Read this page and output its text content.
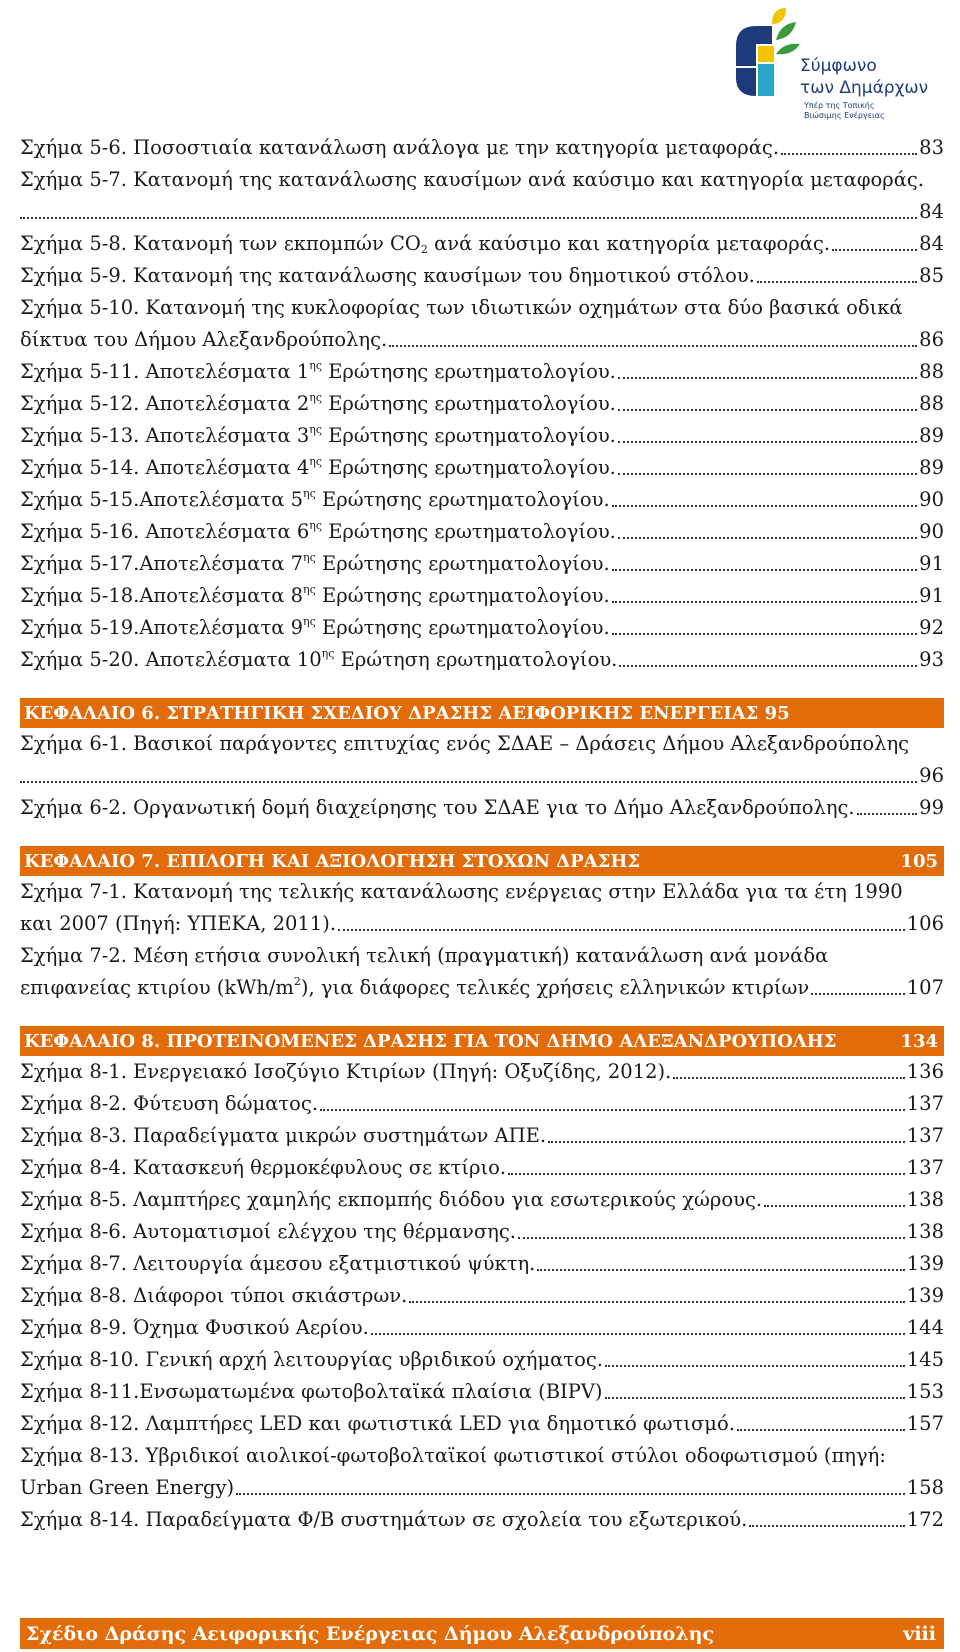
Σύμφωνο
των Δημάρχων
Υπέρ της Τοπικής Βιώσιμης Ενέργειας
Σχήμα 5-6. Ποσοστιαία κατανάλωση ανάλογα με την κατηγορία μεταφοράς.	83
Σχήμα 5-7. Κατανομή της κατανάλωσης καυσίμων ανά καύσιμο και κατηγορία μεταφοράς.
84
Σχήμα 5-8. Κατανομή των εκπομπών $CO_2$ ανά καύσιμο και κατηγορία μεταφοράς.	84
Σχήμα 5-9. Κατανομή της κατανάλωσης καυσίμων του δημοτικού στόλου.	85
Σχήμα 5-10. Κατανομή της κυκλοφορίας των ιδιωτικών οχημάτων στα δύο βασικά οδικά
δίκτυα του Δήμου Αλεξανδρούπολης.	86
Σχήμα 5-11. Αποτελέσματα $1^{\eta\varsigma}$ Ερώτησης ερωτηματολογίου.	88
Σχήμα 5-12. Αποτελέσματα $2^{\eta\varsigma}$ Ερώτησης ερωτηματολογίου.	88
Σχήμα 5-13. Αποτελέσματα $3^{\eta\varsigma}$ Ερώτησης ερωτηματολογίου.	89
Σχήμα 5-14. Αποτελέσματα $4^{\eta\varsigma}$ Ερώτησης ερωτηματολογίου.	89
Σχήμα 5-15.Αποτελέσματα $5^{\eta\varsigma}$ Ερώτησης ερωτηματολογίου.	90
Σχήμα 5-16. Αποτελέσματα $6^{\eta\varsigma}$ Ερώτησης ερωτηματολογίου.	90
Σχήμα 5-17.Αποτελέσματα $7^{\eta\varsigma}$ Ερώτησης ερωτηματολογίου.	91
Σχήμα 5-18.Αποτελέσματα $8^{\eta\varsigma}$ Ερώτησης ερωτηματολογίου.	91
Σχήμα 5-19.Αποτελέσματα $9^{\eta\varsigma}$ Ερώτησης ερωτηματολογίου.	92
Σχήμα 5-20. Αποτελέσματα $10^{\eta\varsigma}$ Ερώτηση ερωτηματολογίου.	93
ΚΕΦΑΛΑΙΟ 6. ΣΤΡΑΤΗΓΙΚΗ ΣΧΕΔΙΟΥ ΔΡΑΣΗΣ ΑΕΙΦΟΡΙΚΗΣ ΕΝΕΡΓΕΙΑΣ 95
Σχήμα 6-1. Βασικοί παράγοντες επιτυχίας ενός ΣΔΑΕ – Δράσεις Δήμου Αλεξανδρούπολης
96
Σχήμα 6-2. Οργανωτική δομή διαχείρησης του ΣΔΑΕ για το Δήμο Αλεξανδρούπολης.	99
ΚΕΦΑΛΑΙΟ 7. ΕΠΙΛΟΓΗ ΚΑΙ ΑΞΙΟΛΟΓΗΣΗ ΣΤΟΧΩΝ ΔΡΑΣΗΣ	105
Σχήμα 7-1. Κατανομή της τελικής κατανάλωσης ενέργειας στην Ελλάδα για τα έτη 1990
και 2007 (Πηγή: ΥΠΕΚΑ, 2011).	106
Σχήμα 7-2. Μέση ετήσια συνολική τελική (πραγματική) κατανάλωση ανά μονάδα
επιφανείας κτιρίου $(kWh/m^2)$, για διάφορες τελικές χρήσεις ελληνικών κτιρίων	107
ΚΕΦΑΛΑΙΟ 8. ΠΡΟΤΕΙΝΟΜΕΝΕΣ ΔΡΑΣΗΣ ΓΙΑ ΤΟΝ ΔΗΜΟ ΑΛΕΞΑΝΔΡΟΥΠΟΛΗΣ	134
Σχήμα 8-1. Ενεργειακό Ισοζύγιο Κτιρίων (Πηγή: Οξυζίδης, 2012).	136
Σχήμα 8-2. Φύτευση δώματος.	137
Σχήμα 8-3. Παραδείγματα μικρών συστημάτων ΑΠΕ.	137
Σχήμα 8-4. Κατασκευή θερμοκέφυλους σε κτίριο.	137
Σχήμα 8-5. Λαμπτήρες χαμηλής εκπομπής διόδου για εσωτερικούς χώρους.	138
Σχήμα 8-6. Αυτοματισμοί ελέγχου της θέρμανσης.	138
Σχήμα 8-7. Λειτουργία άμεσου εξατμιστικού ψύκτη.	139
Σχήμα 8-8. Διάφοροι τύποι σκιάστρων.	139
Σχήμα 8-9. Όχημα Φυσικού Αερίου.	144
Σχήμα 8-10. Γενική αρχή λειτουργίας υβριδικού οχήματος.	145
Σχήμα 8-11.Ενσωματωμένα φωτοβολταϊκά πλαίσια (BIPV)	153
Σχήμα 8-12. Λαμπτήρες LED και φωτιστικά LED για δημοτικό φωτισμό.	157
Σχήμα 8-13. Υβριδικοί αιολικοί-φωτοβολταϊκοί φωτιστικοί στύλοι οδοφωτισμού (πηγή:
Urban Green Energy)	158
Σχήμα 8-14. Παραδείγματα Φ/Β συστημάτων σε σχολεία του εξωτερικού.	172
Σχέδιο Δράσης Αειφορικής Ενέργειας Δήμου Αλεξανδρούπολης	viii
